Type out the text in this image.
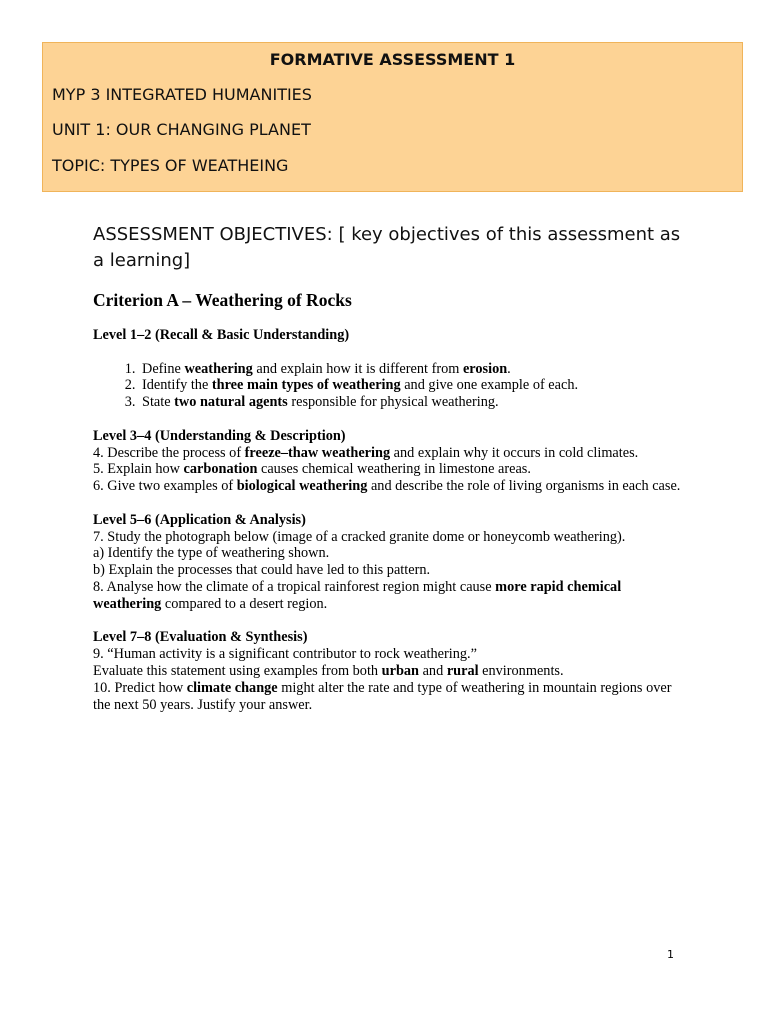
FORMATIVE ASSESSMENT 1
MYP 3 INTEGRATED HUMANITIES
UNIT 1: OUR CHANGING PLANET
TOPIC: TYPES OF WEATHEING
ASSESSMENT OBJECTIVES: [ key objectives of this assessment as a learning]
Criterion A – Weathering of Rocks
Level 1–2 (Recall & Basic Understanding)
1. Define weathering and explain how it is different from erosion.
2. Identify the three main types of weathering and give one example of each.
3. State two natural agents responsible for physical weathering.
Level 3–4 (Understanding & Description)
4. Describe the process of freeze–thaw weathering and explain why it occurs in cold climates.
5. Explain how carbonation causes chemical weathering in limestone areas.
6. Give two examples of biological weathering and describe the role of living organisms in each case.
Level 5–6 (Application & Analysis)
7. Study the photograph below (image of a cracked granite dome or honeycomb weathering).
a) Identify the type of weathering shown.
b) Explain the processes that could have led to this pattern.
8. Analyse how the climate of a tropical rainforest region might cause more rapid chemical weathering compared to a desert region.
Level 7–8 (Evaluation & Synthesis)
9. “Human activity is a significant contributor to rock weathering.”
Evaluate this statement using examples from both urban and rural environments.
10. Predict how climate change might alter the rate and type of weathering in mountain regions over the next 50 years. Justify your answer.
1
